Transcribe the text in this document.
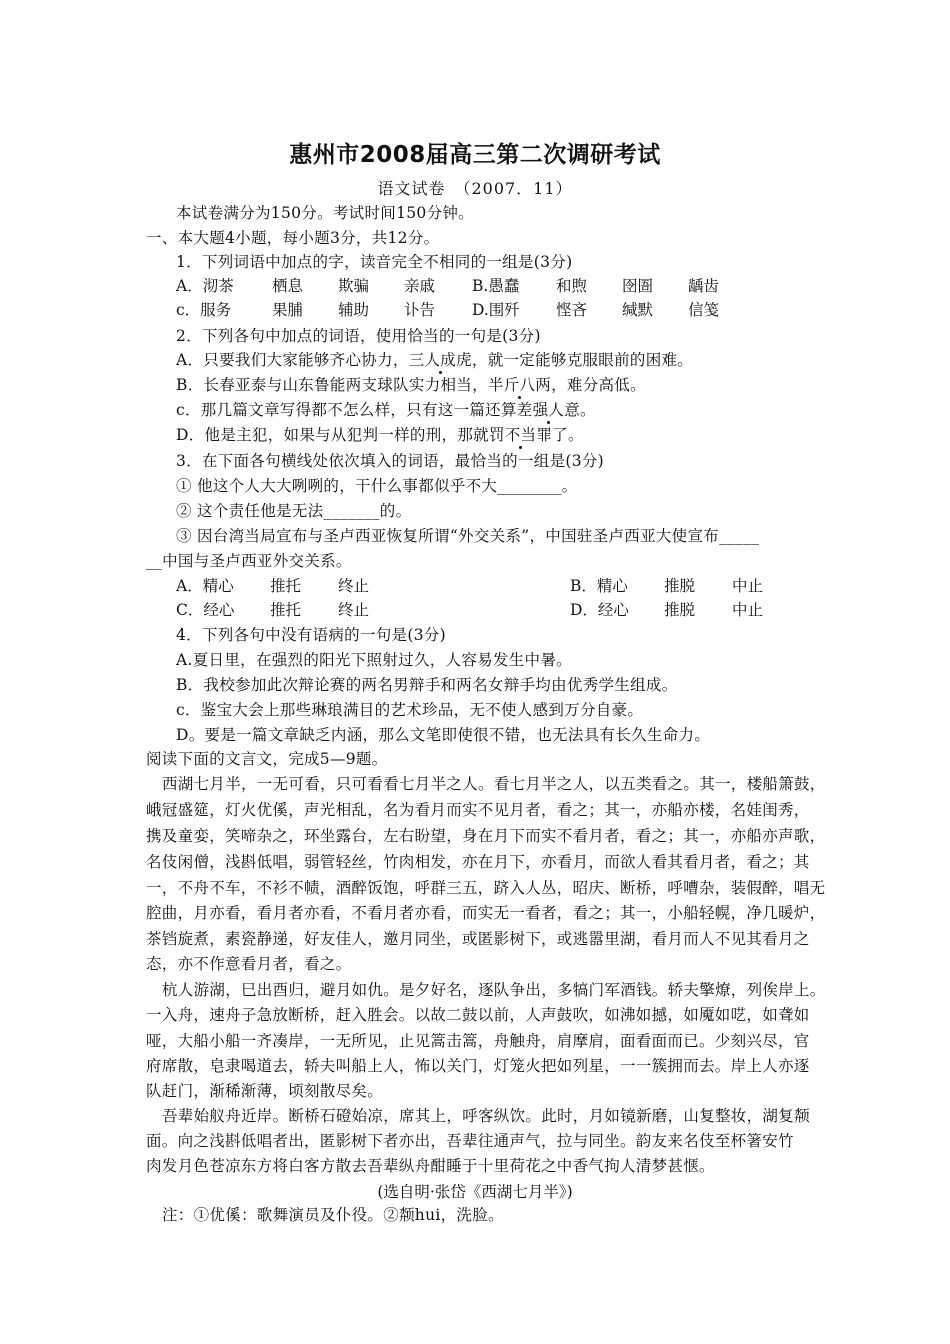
惠州市2008届高三第二次调研考试
语文试卷　（2007．11）
本试卷满分为150分。考试时间150分钟。
一、本大题4小题，每小题3分，共12分。
1．下列词语中加点的字，读音完全不相同的一组是(3分)
A．沏茶 栖息 欺骗 亲戚 B.愚蠢 和煦 囹圄 龋齿
c．服务	果脯 辅助 讣告 D.围歼 悭吝 缄默 信笺
2．下列各句中加点的词语，使用恰当的一句是(3分)
A．只要我们大家能够齐心协力，三人成虎，就一定能够克服眼前的困难。
B．长春亚泰与山东鲁能两支球队实力相当，半斤八两，难分高低。
c．那几篇文章写得都不怎么样，只有这一篇还算差强人意。
D．他是主犯，如果与从犯判一样的刑，那就罚不当罪了。
3．在下面各句横线处依次填入的词语，最恰当的一组是(3分)
① 他这个人大大咧咧的，干什么事都似乎不大________。
② 这个责任他是无法_______的。
③ 因台湾当局宣布与圣卢西亚恢复所谓“外交关系”，中国驻圣卢西亚大使宣布_____
__中国与圣卢西亚外交关系。
A．精心 推托 终止	B．精心 推脱 中止
C．经心 推托 终止	D．经心 推脱 中止
4．下列各句中没有语病的一句是(3分)
A.夏日里，在强烈的阳光下照射过久，人容易发生中暑。
B．我校参加此次辩论赛的两名男辩手和两名女辩手均由优秀学生组成。
c．鉴宝大会上那些琳琅满目的艺术珍品，无不使人感到万分自豪。
D。要是一篇文章缺乏内涵，那么文笔即使很不错，也无法具有长久生命力。
阅读下面的文言文，完成5—9题。
西湖七月半，一无可看，只可看看七月半之人。看七月半之人，以五类看之。其一，楼船箫鼓，
峨冠盛筵，灯火优傒，声光相乱，名为看月而实不见月者，看之；其一，亦船亦楼，名娃闺秀，
携及童娈，笑啼杂之，环坐露台，左右盼望，身在月下而实不看月者，看之；其一，亦船亦声歌，
名伎闲僧，浅斟低唱，弱管轻丝，竹肉相发，亦在月下，亦看月，而欲人看其看月者，看之；其
一，不舟不车，不衫不帻，酒醉饭饱，呼群三五，跻入人丛，昭庆、断桥，呼嘈杂，装假醉，唱无
腔曲，月亦看，看月者亦看，不看月者亦看，而实无一看者，看之；其一，小船轻幌，净几暖炉，
茶铛旋煮，素瓷静递，好友佳人，邀月同坐，或匿影树下，或逃嚣里湖，看月而人不见其看月之
态，亦不作意看月者，看之。
杭人游湖，巳出酉归，避月如仇。是夕好名，逐队争出，多犒门军酒钱。轿夫擎燎，列俟岸上。
一入舟，速舟子急放断桥，赶入胜会。以故二鼓以前，人声鼓吹，如沸如撼，如魇如呓，如聋如
哑，大船小船一齐凑岸，一无所见，止见篙击篙，舟触舟，肩摩肩，面看面而已。少刻兴尽，官
府席散，皂隶喝道去，轿夫叫船上人，怖以关门，灯笼火把如列星，一一簇拥而去。岸上人亦逐
队赶门，渐稀渐薄，顷刻散尽矣。
吾辈始舣舟近岸。断桥石磴始凉，席其上，呼客纵饮。此时，月如镜新磨，山复整妆，湖复颒
面。向之浅斟低唱者出，匿影树下者亦出，吾辈往通声气，拉与同坐。韵友来名伎至杯箸安竹
肉发月色苍凉东方将白客方散去吾辈纵舟酣睡于十里荷花之中香气拘人清梦甚惬。
(选自明·张岱《西湖七月半》)
注：①优傒：歌舞演员及仆役。②颒hui，洗脸。
